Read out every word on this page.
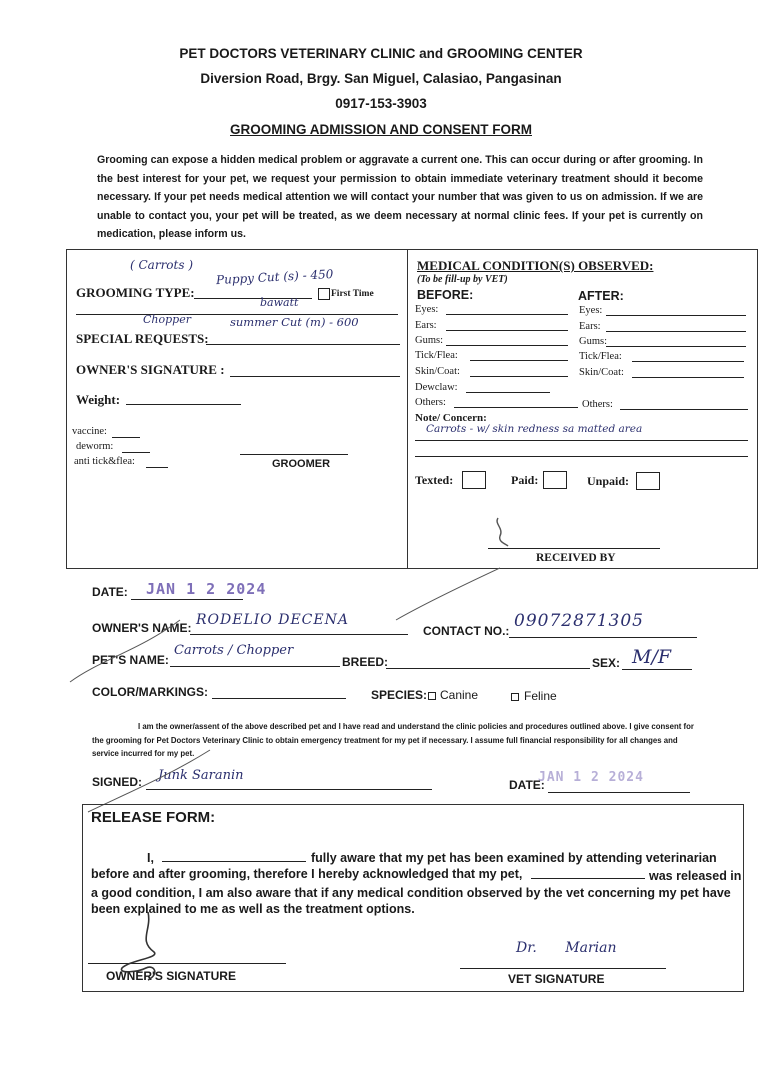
PET DOCTORS VETERINARY CLINIC and GROOMING CENTER
Diversion Road, Brgy. San Miguel, Calasiao, Pangasinan
0917-153-3903
GROOMING ADMISSION AND CONSENT FORM
Grooming can expose a hidden medical problem or aggravate a current one. This can occur during or after grooming. In the best interest for your pet, we request your permission to obtain immediate veterinary treatment should it become necessary. If your pet needs medical attention we will contact your number that was given to us on admission. If we are unable to contact you, your pet will be treated, as we deem necessary at normal clinic fees. If your pet is currently on medication, please inform us.
GROOMING TYPE:	First Time
( Carrots )
Puppy Cut (s) - 450
bawatt
Chopper	summer Cut (m) - 600
SPECIAL REQUESTS:
OWNER'S SIGNATURE :
Weight:
vaccine:
deworm:
anti tick&flea:	GROOMER
MEDICAL CONDITION(S) OBSERVED:
(To be fill-up by VET)
BEFORE:	AFTER:
Eyes:	Eyes:
Ears:	Ears:
Gums:	Gums:
Tick/Flea:	Tick/Flea:
Skin/Coat:	Skin/Coat:
Dewclaw:
Others:	Others:
Note/ Concern:
Carrots - w/ skin redness sa matted area
Texted:	Paid:	Unpaid:
RECEIVED BY
DATE: JAN 1 2 2024
OWNER'S NAME: RODELIO DECENA
CONTACT NO.: 09072871305
PET'S NAME:
Carrots / Chopper
BREED:	SEX: M/F
COLOR/MARKINGS:	SPECIES: Canine	Feline
I am the owner/assent of the above described pet and I have read and understand the clinic policies and procedures outlined above. I give consent for the grooming for Pet Doctors Veterinary Clinic to obtain emergency treatment for my pet if necessary. I assume full financial responsibility for all changes and service incurred for my pet.
SIGNED: Junk Saranin
DATE:
JAN 1 2 2024
RELEASE FORM:
I,	fully aware that my pet has been examined by attending veterinarian
before and after grooming, therefore I hereby acknowledged that my pet,	was released in
a good condition, I am also aware that if any medical condition observed by the vet concerning my pet have
been explained to me as well as the treatment options.
OWNER'S SIGNATURE	VET SIGNATURE
Dr. Marian
